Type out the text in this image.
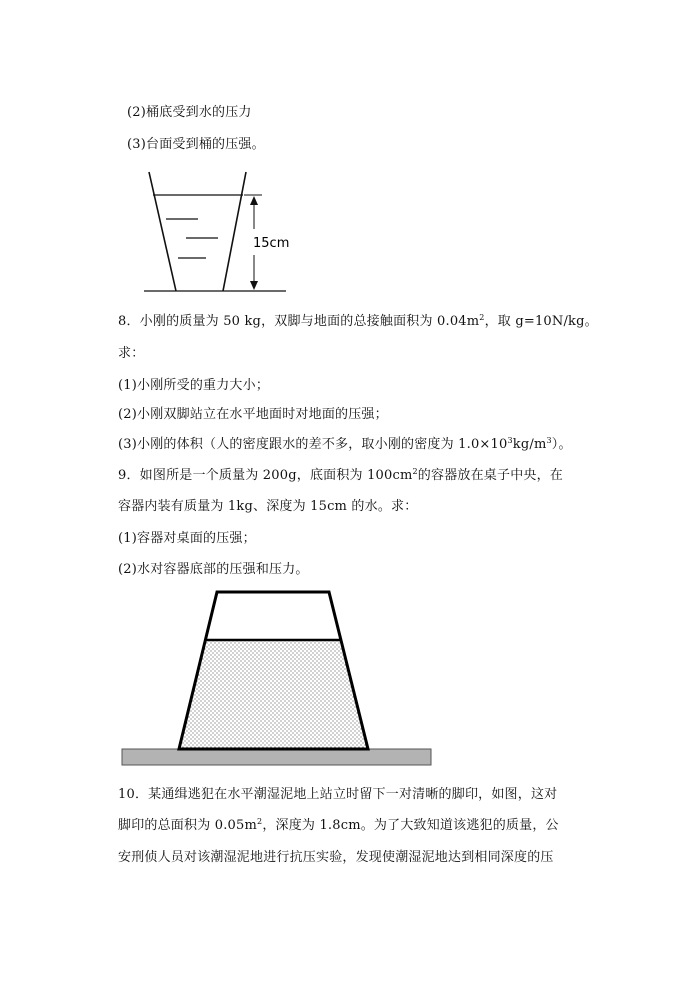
(2)桶底受到水的压力
(3)台面受到桶的压强。
15cm
8．小刚的质量为 50 kg，双脚与地面的总接触面积为 $0.04m^2$，取 g=10N/kg。
求：
(1)小刚所受的重力大小；
(2)小刚双脚站立在水平地面时对地面的压强；
(3)小刚的体积（人的密度跟水的差不多，取小刚的密度为 $1.0\times 10^3kg/m^3$）。
9．如图所是一个质量为 200g，底面积为 $100cm^2$的容器放在桌子中央，在
容器内装有质量为 1kg、深度为 15cm 的水。求：
(1)容器对桌面的压强；
(2)水对容器底部的压强和压力。
10．某通缉逃犯在水平潮湿泥地上站立时留下一对清晰的脚印，如图，这对
脚印的总面积为 $0.05m^2$，深度为 1.8cm。为了大致知道该逃犯的质量，公
安刑侦人员对该潮湿泥地进行抗压实验，发现使潮湿泥地达到相同深度的压
